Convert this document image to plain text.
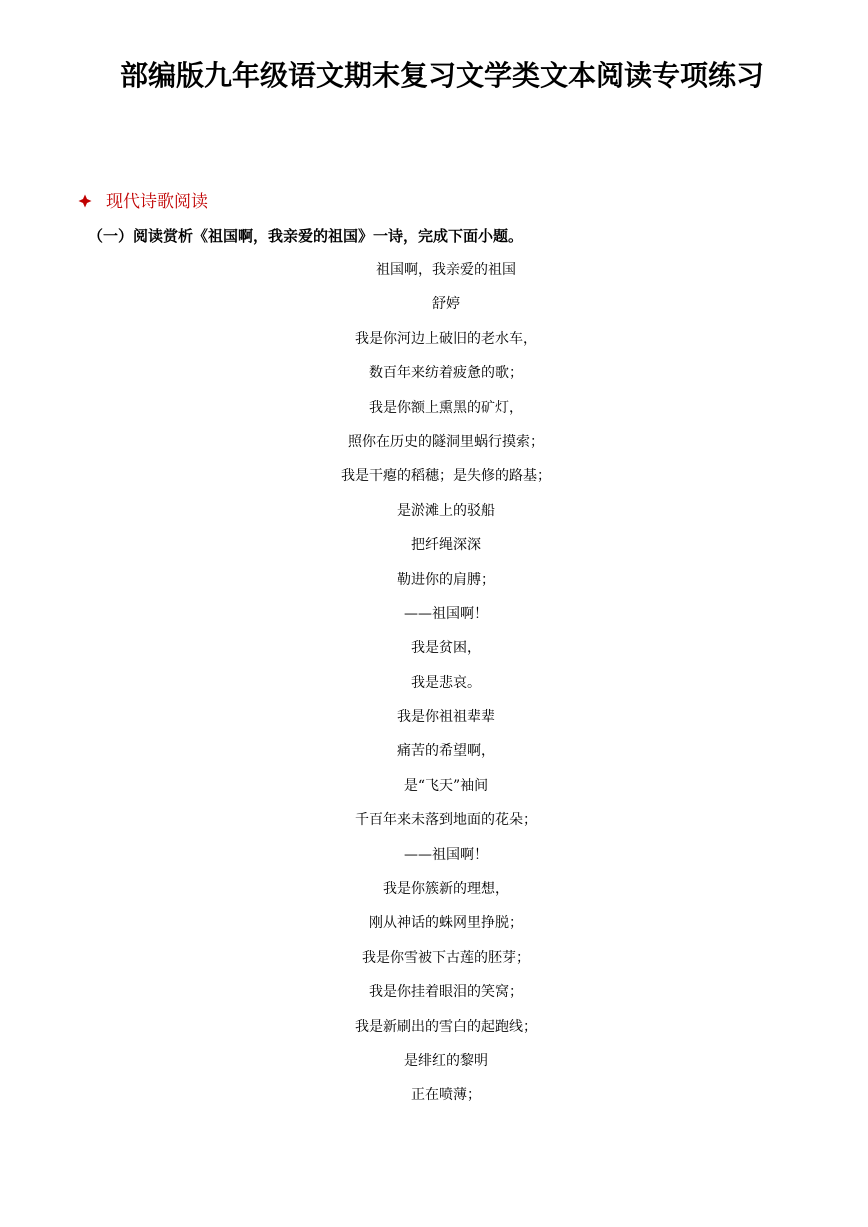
部编版九年级语文期末复习文学类文本阅读专项练习
现代诗歌阅读
（一）阅读赏析《祖国啊，我亲爱的祖国》一诗，完成下面小题。
祖国啊，我亲爱的祖国
舒婷
我是你河边上破旧的老水车，
数百年来纺着疲惫的歌；
我是你额上熏黑的矿灯，
照你在历史的隧洞里蜗行摸索；
我是干瘪的稻穗；是失修的路基；
是淤滩上的驳船
把纤绳深深
勒进你的肩膊；
——祖国啊！
我是贫困，
我是悲哀。
我是你祖祖辈辈
痛苦的希望啊，
是“飞天”袖间
千百年来未落到地面的花朵；
——祖国啊！
我是你簇新的理想，
刚从神话的蛛网里挣脱；
我是你雪被下古莲的胚芽；
我是你挂着眼泪的笑窝；
我是新刷出的雪白的起跑线；
是绯红的黎明
正在喷薄；
